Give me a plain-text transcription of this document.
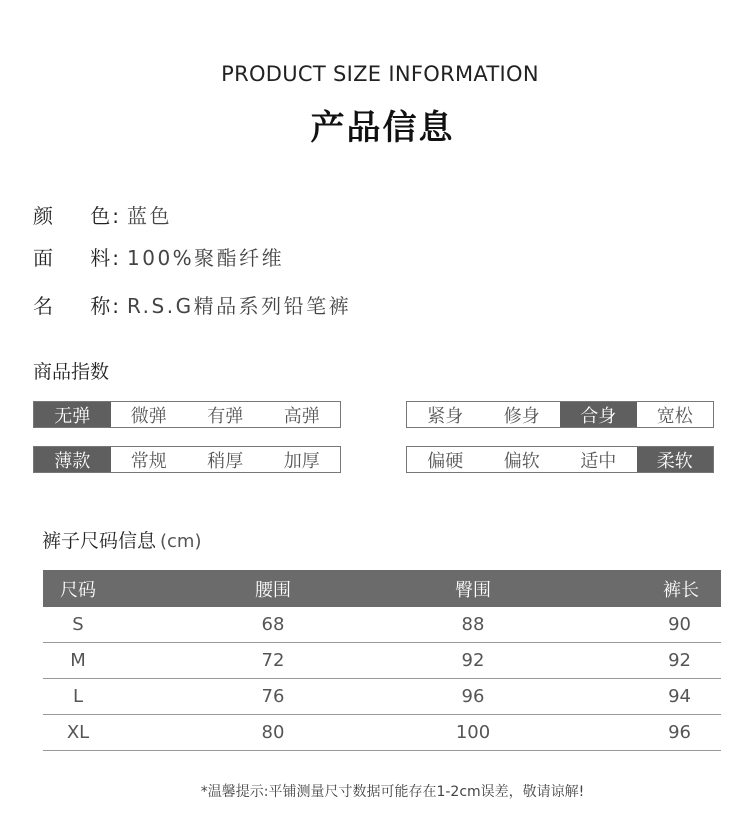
PRODUCT SIZE INFORMATION
产品信息
颜 色: 蓝色
面 料: 100%聚酯纤维
名 称: R.S.G精品系列铅笔裤
商品指数
无弹	微弹	有弹	高弹	紧身	修身	合身	宽松
薄款	常规	稍厚	加厚	偏硬	偏软	适中	柔软
裤子尺码信息 (cm)
尺码	腰围	臀围	裤长
S	68	88	90
M	72	92	92
L	76	96	94
XL	80	100	96
*温馨提示:平铺测量尺寸数据可能存在1-2cm误差，敬请谅解!
